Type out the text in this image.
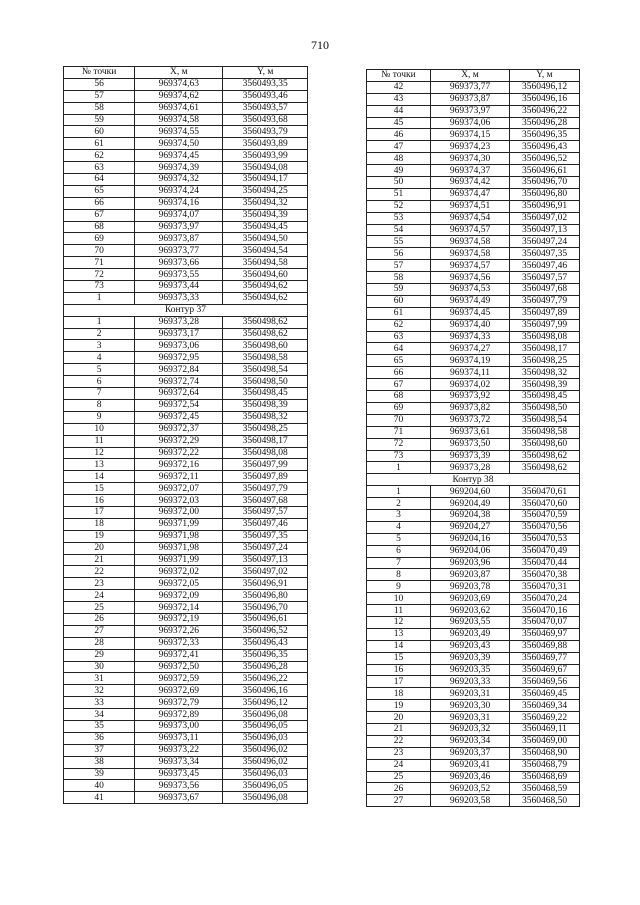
710
№ точки	X, м	Y, м
56	969374,63	3560493,35
57	969374,62	3560493,46
58	969374,61	3560493,57
59	969374,58	3560493,68
60	969374,55	3560493,79
61	969374,50	3560493,89
62	969374,45	3560493,99
63	969374,39	3560494,08
64	969374,32	3560494,17
65	969374,24	3560494,25
66	969374,16	3560494,32
67	969374,07	3560494,39
68	969373,97	3560494,45
69	969373,87	3560494,50
70	969373,77	3560494,54
71	969373,66	3560494,58
72	969373,55	3560494,60
73	969373,44	3560494,62
1	969373,33	3560494,62
Контур 37		
1	969373,28	3560498,62
2	969373,17	3560498,62
3	969373,06	3560498,60
4	969372,95	3560498,58
5	969372,84	3560498,54
6	969372,74	3560498,50
7	969372,64	3560498,45
8	969372,54	3560498,39
9	969372,45	3560498,32
10	969372,37	3560498,25
11	969372,29	3560498,17
12	969372,22	3560498,08
13	969372,16	3560497,99
14	969372,11	3560497,89
15	969372,07	3560497,79
16	969372,03	3560497,68
17	969372,00	3560497,57
18	969371,99	3560497,46
19	969371,98	3560497,35
20	969371,98	3560497,24
21	969371,99	3560497,13
22	969372,02	3560497,02
23	969372,05	3560496,91
24	969372,09	3560496,80
25	969372,14	3560496,70
26	969372,19	3560496,61
27	969372,26	3560496,52
28	969372,33	3560496,43
29	969372,41	3560496,35
30	969372,50	3560496,28
31	969372,59	3560496,22
32	969372,69	3560496,16
33	969372,79	3560496,12
34	969372,89	3560496,08
35	969373,00	3560496,05
36	969373,11	3560496,03
37	969373,22	3560496,02
38	969373,34	3560496,02
39	969373,45	3560496,03
40	969373,56	3560496,05
41	969373,67	3560496,08
№ точки	X, м	Y, м
42	969373,77	3560496,12
43	969373,87	3560496,16
44	969373,97	3560496,22
45	969374,06	3560496,28
46	969374,15	3560496,35
47	969374,23	3560496,43
48	969374,30	3560496,52
49	969374,37	3560496,61
50	969374,42	3560496,70
51	969374,47	3560496,80
52	969374,51	3560496,91
53	969374,54	3560497,02
54	969374,57	3560497,13
55	969374,58	3560497,24
56	969374,58	3560497,35
57	969374,57	3560497,46
58	969374,56	3560497,57
59	969374,53	3560497,68
60	969374,49	3560497,79
61	969374,45	3560497,89
62	969374,40	3560497,99
63	969374,33	3560498,08
64	969374,27	3560498,17
65	969374,19	3560498,25
66	969374,11	3560498,32
67	969374,02	3560498,39
68	969373,92	3560498,45
69	969373,82	3560498,50
70	969373,72	3560498,54
71	969373,61	3560498,58
72	969373,50	3560498,60
73	969373,39	3560498,62
1	969373,28	3560498,62
Контур 38		
1	969204,60	3560470,61
2	969204,49	3560470,60
3	969204,38	3560470,59
4	969204,27	3560470,56
5	969204,16	3560470,53
6	969204,06	3560470,49
7	969203,96	3560470,44
8	969203,87	3560470,38
9	969203,78	3560470,31
10	969203,69	3560470,24
11	969203,62	3560470,16
12	969203,55	3560470,07
13	969203,49	3560469,97
14	969203,43	3560469,88
15	969203,39	3560469,77
16	969203,35	3560469,67
17	969203,33	3560469,56
18	969203,31	3560469,45
19	969203,30	3560469,34
20	969203,31	3560469,22
21	969203,32	3560469,11
22	969203,34	3560469,00
23	969203,37	3560468,90
24	969203,41	3560468,79
25	969203,46	3560468,69
26	969203,52	3560468,59
27	969203,58	3560468,50
